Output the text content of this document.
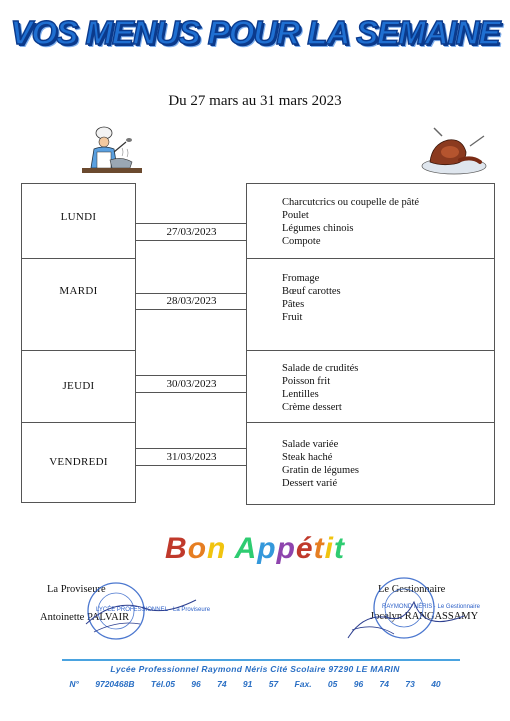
VOS MENUS POUR LA SEMAINE
Du 27 mars au 31 mars 2023
LUNDI
27/03/2023
Charcutcrics ou coupelle de pâté
Poulet
Légumes chinois
Compote
MARDI
28/03/2023
Fromage
Bœuf carottes
Pâtes
Fruit
JEUDI	30/03/2023
Salade de crudités
Poisson frit
Lentilles
Crème dessert
VENDREDI	31/03/2023
Salade variée
Steak haché
Gratin de légumes
Dessert varié
Bon Appétit
La Proviseure
Antoinette PALVAIR
LYCÉE PROFESSIONNEL · La Proviseure
Le Gestionnaire
Jocelyn RANGASSAMY
RAYMOND NÉRIS · Le Gestionnaire
Lycée Professionnel Raymond Néris Cité Scolaire 97290 LE MARIN
N° 9720468B Tél.05 96 74 91 57 Fax. 05 96 74 73 40
